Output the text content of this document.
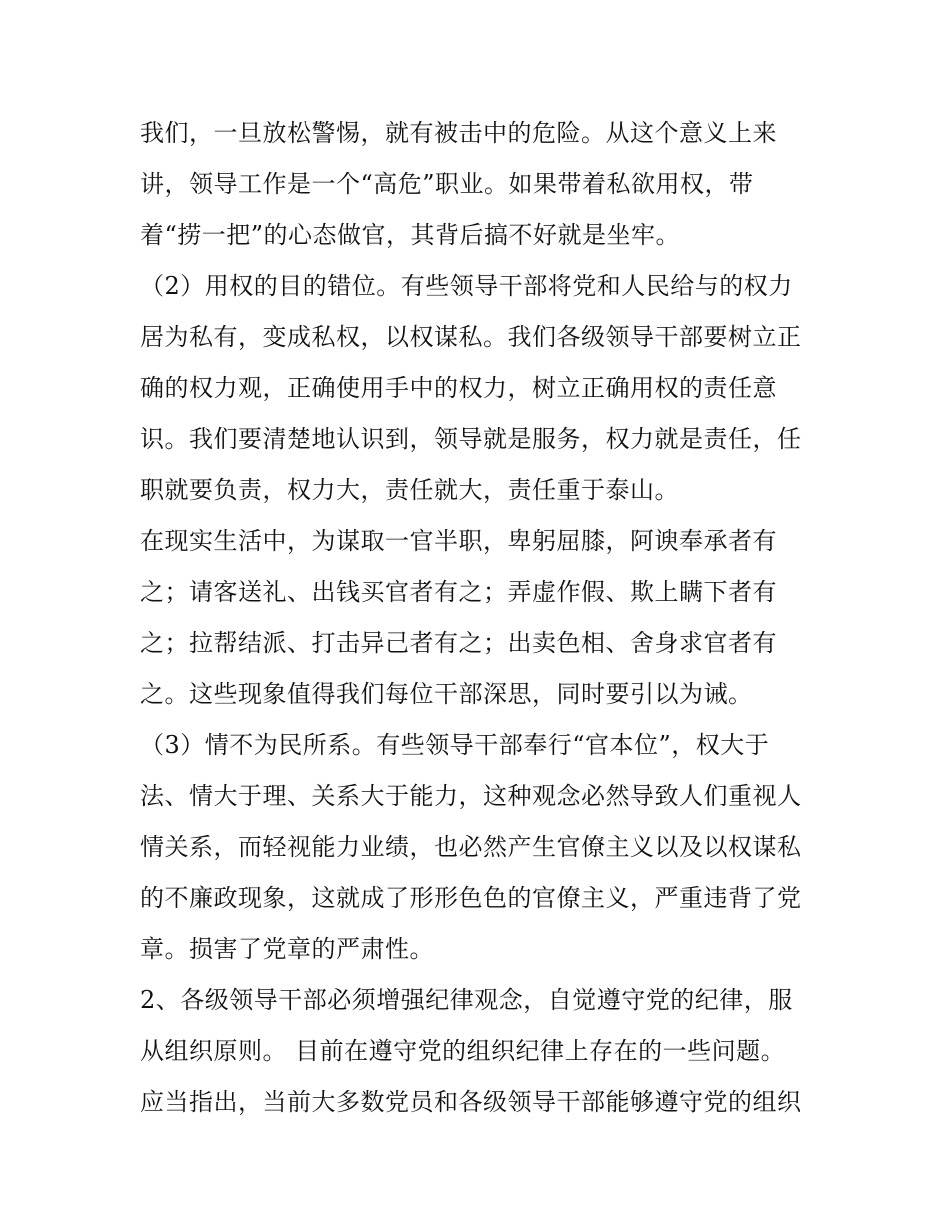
我们，一旦放松警惕，就有被击中的危险。从这个意义上来
讲，领导工作是一个“高危”职业。如果带着私欲用权，带
着“捞一把”的心态做官，其背后搞不好就是坐牢。
（2）用权的目的错位。有些领导干部将党和人民给与的权力
居为私有，变成私权，以权谋私。我们各级领导干部要树立正
确的权力观，正确使用手中的权力，树立正确用权的责任意
识。我们要清楚地认识到，领导就是服务，权力就是责任，任
职就要负责，权力大，责任就大，责任重于泰山。
在现实生活中，为谋取一官半职，卑躬屈膝，阿谀奉承者有
之；请客送礼、出钱买官者有之；弄虚作假、欺上瞒下者有
之；拉帮结派、打击异己者有之；出卖色相、舍身求官者有
之。这些现象值得我们每位干部深思，同时要引以为诫。
（3）情不为民所系。有些领导干部奉行“官本位”，权大于
法、情大于理、关系大于能力，这种观念必然导致人们重视人
情关系，而轻视能力业绩，也必然产生官僚主义以及以权谋私
的不廉政现象，这就成了形形色色的官僚主义，严重违背了党
章。损害了党章的严肃性。
2、各级领导干部必须增强纪律观念，自觉遵守党的纪律，服
从组织原则。 目前在遵守党的组织纪律上存在的一些问题。
应当指出，当前大多数党员和各级领导干部能够遵守党的组织
